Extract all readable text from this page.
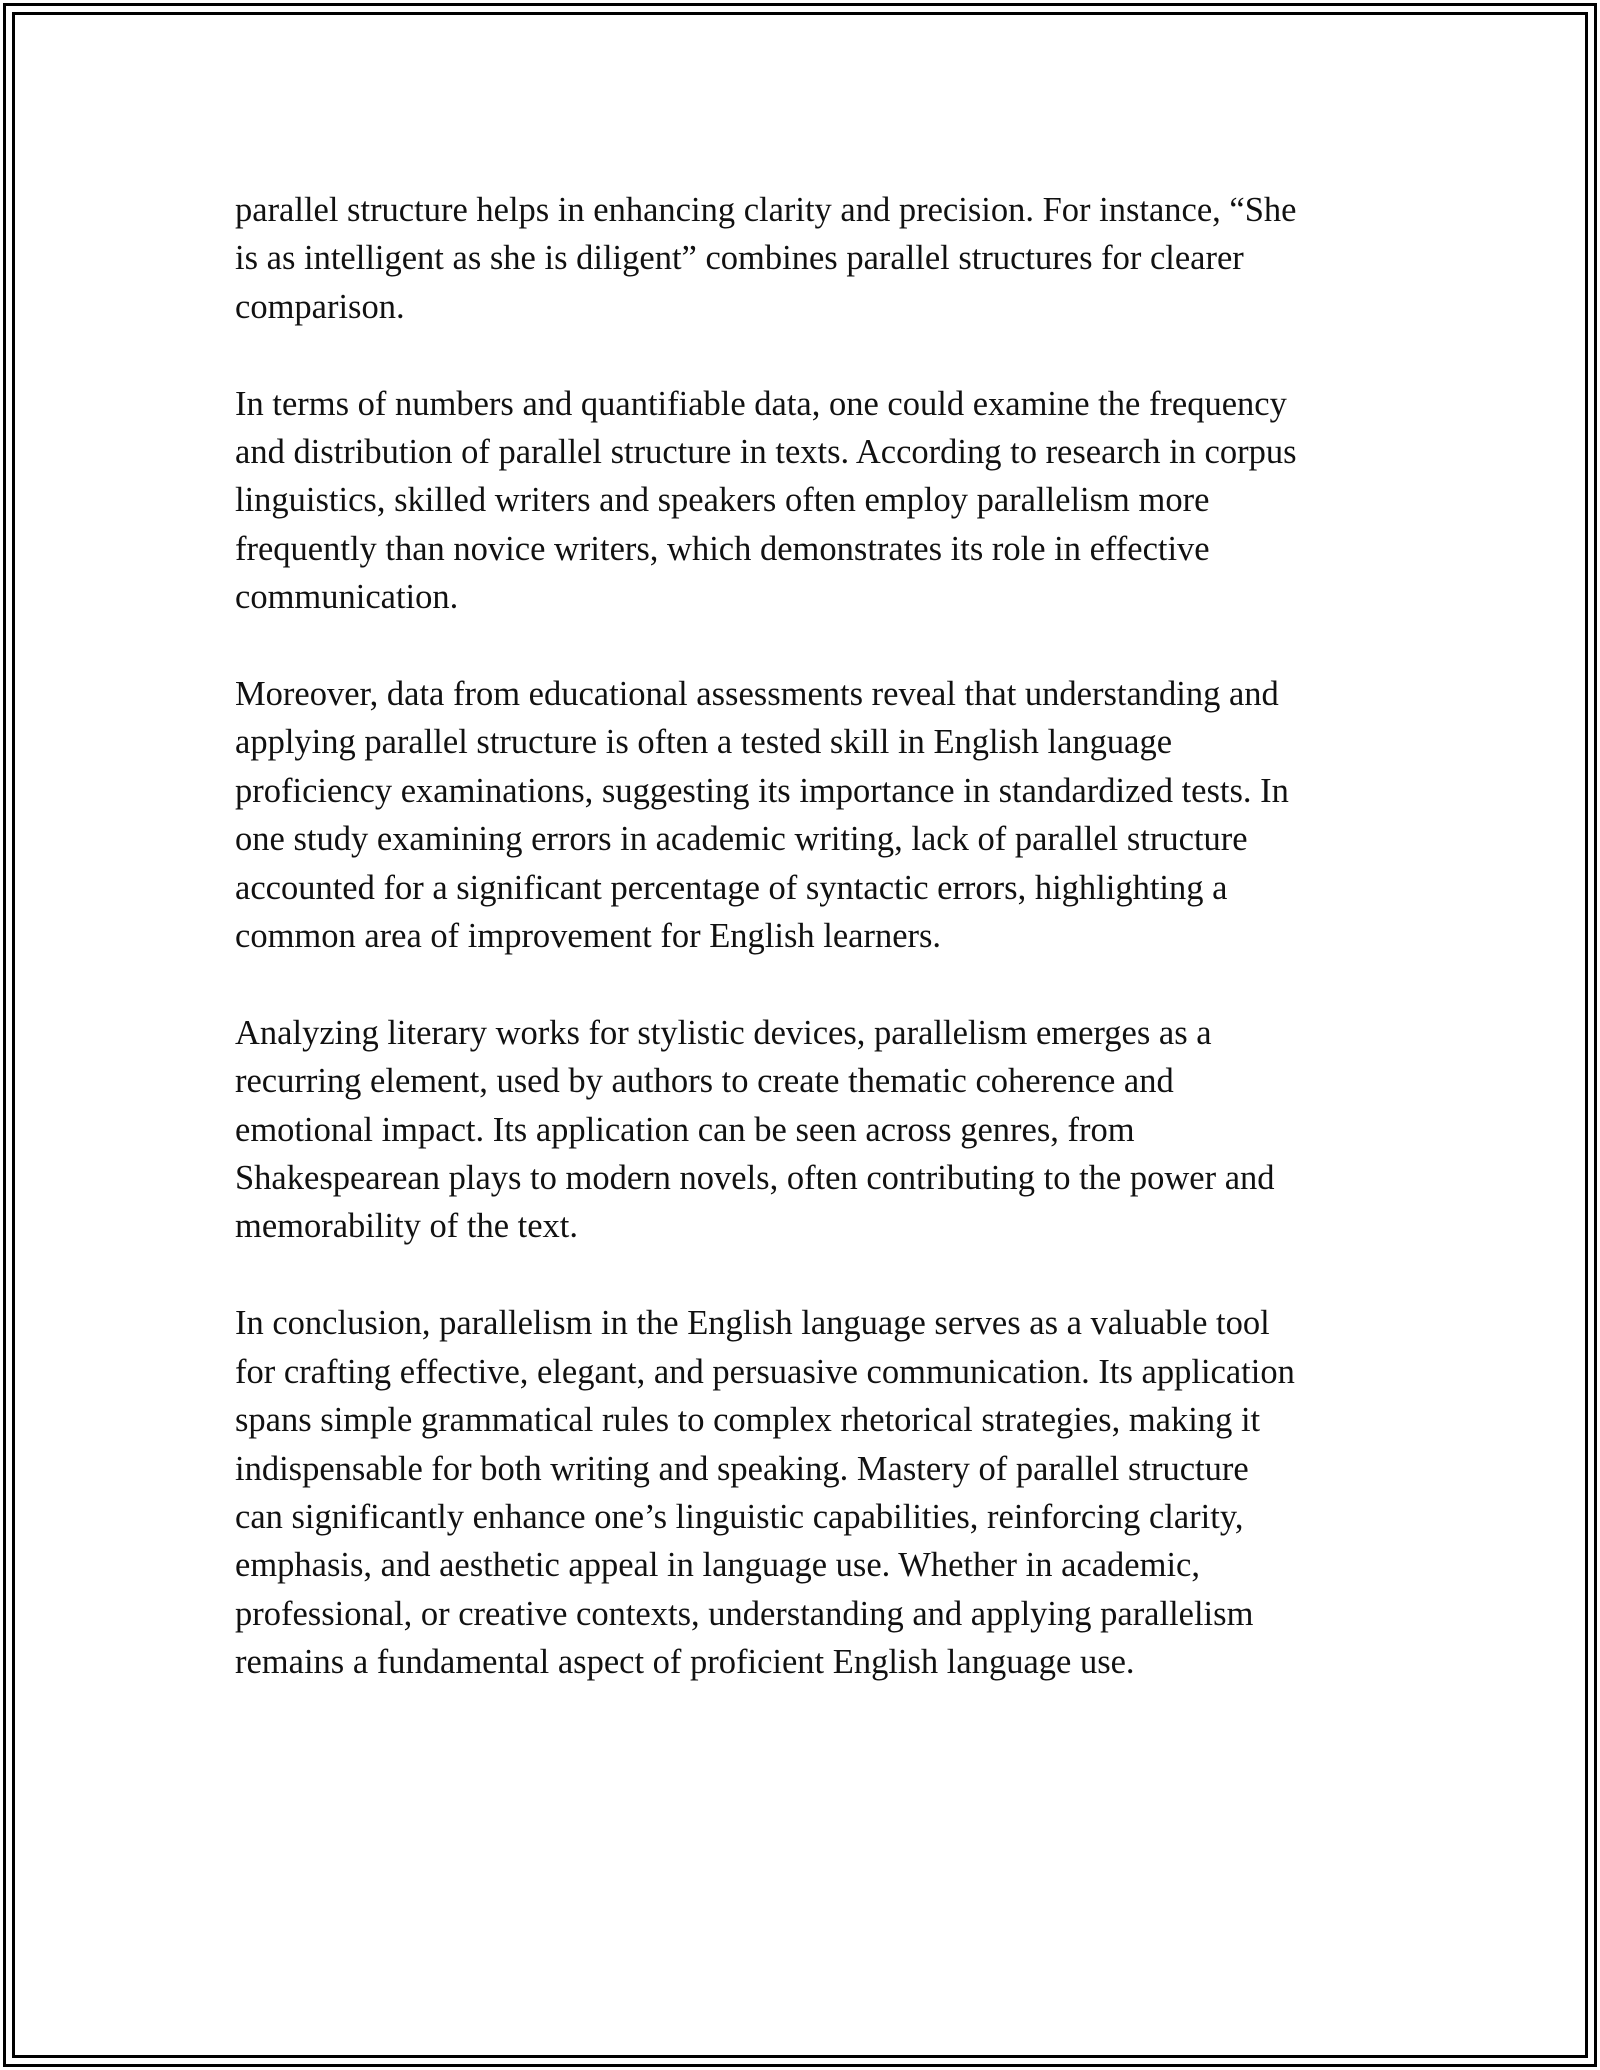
parallel structure helps in enhancing clarity and precision. For instance, “She
is as intelligent as she is diligent” combines parallel structures for clearer
comparison.

In terms of numbers and quantifiable data, one could examine the frequency
and distribution of parallel structure in texts. According to research in corpus
linguistics, skilled writers and speakers often employ parallelism more
frequently than novice writers, which demonstrates its role in effective
communication.

Moreover, data from educational assessments reveal that understanding and
applying parallel structure is often a tested skill in English language
proficiency examinations, suggesting its importance in standardized tests. In
one study examining errors in academic writing, lack of parallel structure
accounted for a significant percentage of syntactic errors, highlighting a
common area of improvement for English learners.

Analyzing literary works for stylistic devices, parallelism emerges as a
recurring element, used by authors to create thematic coherence and
emotional impact. Its application can be seen across genres, from
Shakespearean plays to modern novels, often contributing to the power and
memorability of the text.

In conclusion, parallelism in the English language serves as a valuable tool
for crafting effective, elegant, and persuasive communication. Its application
spans simple grammatical rules to complex rhetorical strategies, making it
indispensable for both writing and speaking. Mastery of parallel structure
can significantly enhance one’s linguistic capabilities, reinforcing clarity,
emphasis, and aesthetic appeal in language use. Whether in academic,
professional, or creative contexts, understanding and applying parallelism
remains a fundamental aspect of proficient English language use.
